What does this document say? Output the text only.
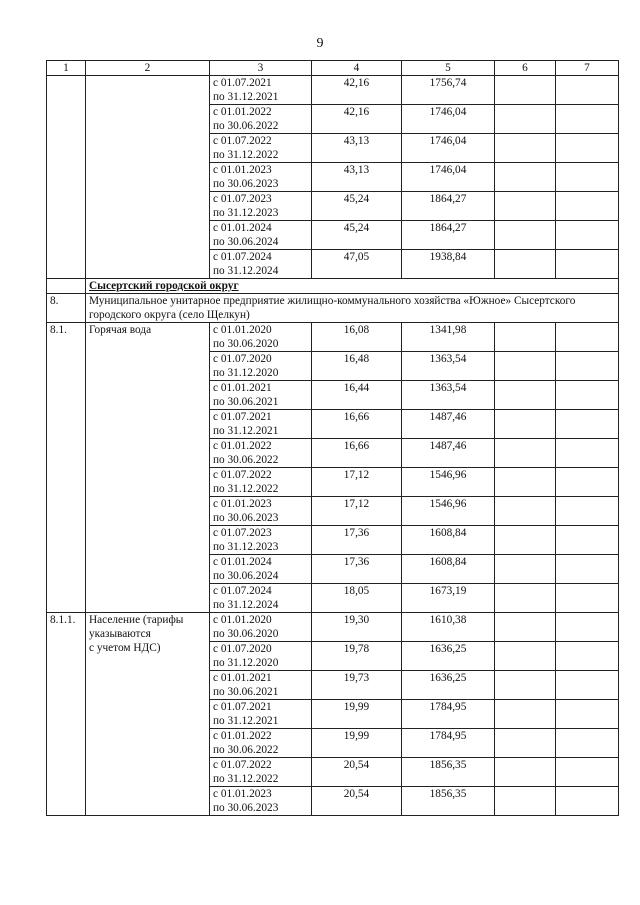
9
1	2	3	4	5	6	7
		с 01.07.2021
по 31.12.2021	42,16	1756,74		
		с 01.01.2022
по 30.06.2022	42,16	1746,04		
		с 01.07.2022
по 31.12.2022	43,13	1746,04		
		с 01.01.2023
по 30.06.2023	43,13	1746,04		
		с 01.07.2023
по 31.12.2023	45,24	1864,27		
		с 01.01.2024
по 30.06.2024	45,24	1864,27		
		с 01.07.2024
по 31.12.2024	47,05	1938,84		
	Сысертский городской округ					
8.	Муниципальное унитарное предприятие жилищно-коммунального хозяйства «Южное» Сысертского городского округа (село Щелкун)					
8.1.	Горячая вода	с 01.01.2020
по 30.06.2020	16,08	1341,98		
		с 01.07.2020
по 31.12.2020	16,48	1363,54		
		с 01.01.2021
по 30.06.2021	16,44	1363,54		
		с 01.07.2021
по 31.12.2021	16,66	1487,46		
		с 01.01.2022
по 30.06.2022	16,66	1487,46		
		с 01.07.2022
по 31.12.2022	17,12	1546,96		
		с 01.01.2023
по 30.06.2023	17,12	1546,96		
		с 01.07.2023
по 31.12.2023	17,36	1608,84		
		с 01.01.2024
по 30.06.2024	17,36	1608,84		
		с 01.07.2024
по 31.12.2024	18,05	1673,19		
8.1.1.	Население (тарифы
указываются
с учетом НДС)	с 01.01.2020
по 30.06.2020	19,30	1610,38		
		с 01.07.2020
по 31.12.2020	19,78	1636,25		
		с 01.01.2021
по 30.06.2021	19,73	1636,25		
		с 01.07.2021
по 31.12.2021	19,99	1784,95		
		с 01.01.2022
по 30.06.2022	19,99	1784,95		
		с 01.07.2022
по 31.12.2022	20,54	1856,35		
		с 01.01.2023
по 30.06.2023	20,54	1856,35		
